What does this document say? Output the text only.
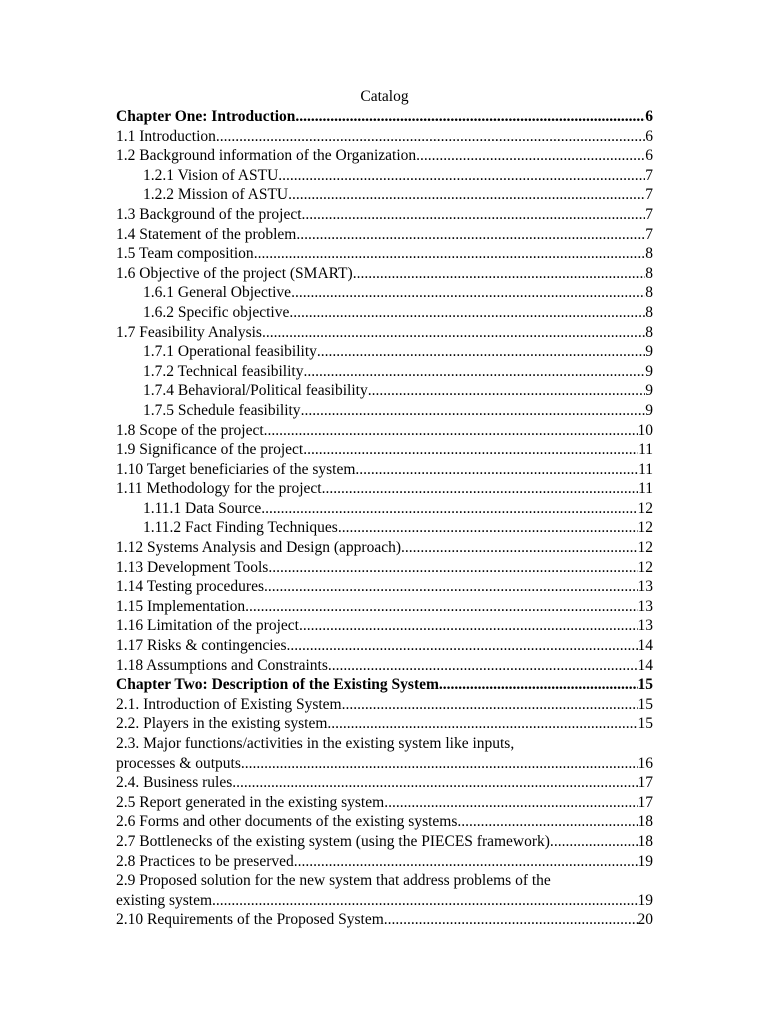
Catalog
Chapter One: Introduction .....	6
1.1 Introduction .....	6
1.2 Background information of the Organization .....	6
1.2.1 Vision of ASTU .....	7
1.2.2 Mission of ASTU .....	7
1.3 Background of the project .....	7
1.4 Statement of the problem .....	7
1.5 Team composition .....	8
1.6 Objective of the project (SMART) .....	8
1.6.1 General Objective .....	8
1.6.2 Specific objective .....	8
1.7 Feasibility Analysis .....	8
1.7.1 Operational feasibility .....	9
1.7.2 Technical feasibility .....	9
1.7.4 Behavioral/Political feasibility .....	9
1.7.5 Schedule feasibility .....	9
1.8 Scope of the project .....	10
1.9 Significance of the project .....	11
1.10 Target beneficiaries of the system .....	11
1.11 Methodology for the project .....	11
1.11.1 Data Source .....	12
1.11.2 Fact Finding Techniques .....	12
1.12 Systems Analysis and Design (approach) .....	12
1.13 Development Tools .....	12
1.14 Testing procedures .....	13
1.15 Implementation .....	13
1.16 Limitation of the project .....	13
1.17 Risks & contingencies .....	14
1.18 Assumptions and Constraints .....	14
Chapter Two: Description of the Existing System .....	15
2.1. Introduction of Existing System .....	15
2.2. Players in the existing system .....	15
2.3. Major functions/activities in the existing system like inputs,
processes & outputs .....	16
2.4. Business rules .....	17
2.5 Report generated in the existing system .....	17
2.6 Forms and other documents of the existing systems .....	18
2.7 Bottlenecks of the existing system (using the PIECES framework). .....	18
2.8 Practices to be preserved .....	19
2.9 Proposed solution for the new system that address problems of the
existing system .....	19
2.10 Requirements of the Proposed System .....	20
